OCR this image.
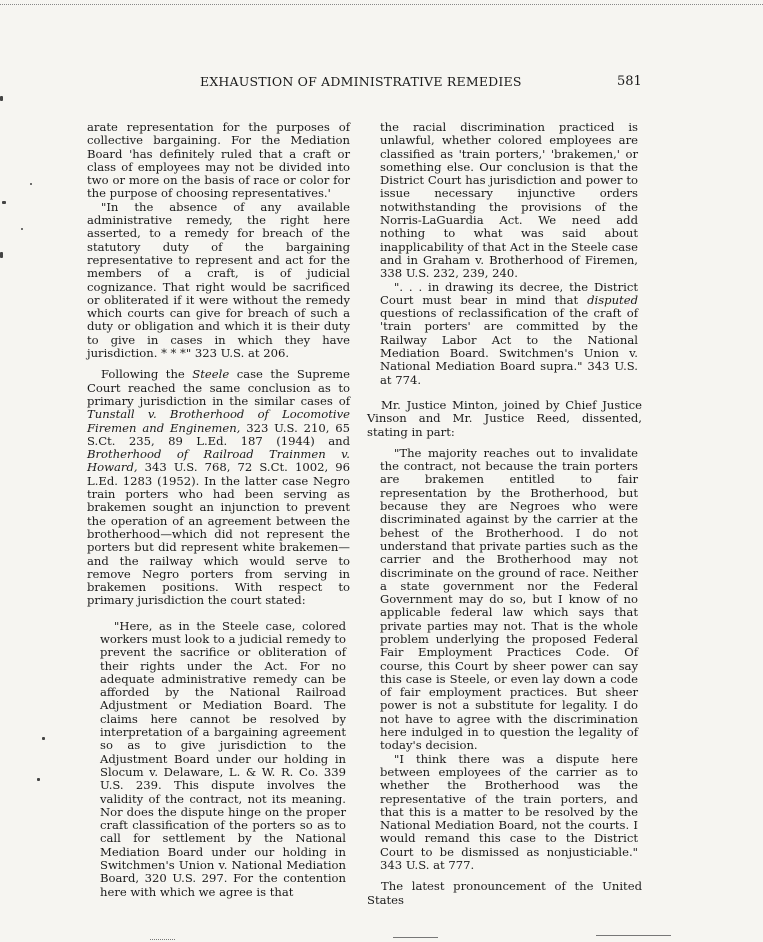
EXHAUSTION OF ADMINISTRATIVE REMEDIES	581

arate representation for the purposes of collective bargaining. For the Mediation Board 'has definitely ruled that a craft or class of employees may not be divided into two or more on the basis of race or color for the purpose of choosing representatives.'

"In the absence of any available administrative remedy, the right here asserted, to a remedy for breach of the statutory duty of the bargaining representative to represent and act for the members of a craft, is of judicial cognizance. That right would be sacrificed or obliterated if it were without the remedy which courts can give for breach of such a duty or obligation and which it is their duty to give in cases in which they have jurisdiction. * * *" 323 U.S. at 206.

Following the Steele case the Supreme Court reached the same conclusion as to primary jurisdiction in the similar cases of Tunstall v. Brotherhood of Locomotive Firemen and Enginemen, 323 U.S. 210, 65 S.Ct. 235, 89 L.Ed. 187 (1944) and Brotherhood of Railroad Trainmen v. Howard, 343 U.S. 768, 72 S.Ct. 1002, 96 L.Ed. 1283 (1952). In the latter case Negro train porters who had been serving as brakemen sought an injunction to prevent the operation of an agreement between the brotherhood—which did not represent the porters but did represent white brakemen—and the railway which would serve to remove Negro porters from serving in brakemen positions. With respect to primary jurisdiction the court stated:

"Here, as in the Steele case, colored workers must look to a judicial remedy to prevent the sacrifice or obliteration of their rights under the Act. For no adequate administrative remedy can be afforded by the National Railroad Adjustment or Mediation Board. The claims here cannot be resolved by interpretation of a bargaining agreement so as to give jurisdiction to the Adjustment Board under our holding in Slocum v. Delaware, L. & W. R. Co. 339 U.S. 239. This dispute involves the validity of the contract, not its meaning. Nor does the dispute hinge on the proper craft classification of the porters so as to call for settlement by the National Mediation Board under our holding in Switchmen's Union v. National Mediation Board, 320 U.S. 297. For the contention here with which we agree is that

the racial discrimination practiced is unlawful, whether colored employees are classified as 'train porters,' 'brakemen,' or something else. Our conclusion is that the District Court has jurisdiction and power to issue necessary injunctive orders notwithstanding the provisions of the Norris-LaGuardia Act. We need add nothing to what was said about inapplicability of that Act in the Steele case and in Graham v. Brotherhood of Firemen, 338 U.S. 232, 239, 240.

". . . in drawing its decree, the District Court must bear in mind that disputed questions of reclassification of the craft of 'train porters' are committed by the Railway Labor Act to the National Mediation Board. Switchmen's Union v. National Mediation Board supra." 343 U.S. at 774.

Mr. Justice Minton, joined by Chief Justice Vinson and Mr. Justice Reed, dissented, stating in part:

"The majority reaches out to invalidate the contract, not because the train porters are brakemen entitled to fair representation by the Brotherhood, but because they are Negroes who were discriminated against by the carrier at the behest of the Brotherhood. I do not understand that private parties such as the carrier and the Brotherhood may not discriminate on the ground of race. Neither a state government nor the Federal Government may do so, but I know of no applicable federal law which says that private parties may not. That is the whole problem underlying the proposed Federal Fair Employment Practices Code. Of course, this Court by sheer power can say this case is Steele, or even lay down a code of fair employment practices. But sheer power is not a substitute for legality. I do not have to agree with the discrimination here indulged in to question the legality of today's decision.

"I think there was a dispute here between employees of the carrier as to whether the Brotherhood was the representative of the train porters, and that this is a matter to be resolved by the National Mediation Board, not the courts. I would remand this case to the District Court to be dismissed as nonjusticiable." 343 U.S. at 777.

The latest pronouncement of the United States
